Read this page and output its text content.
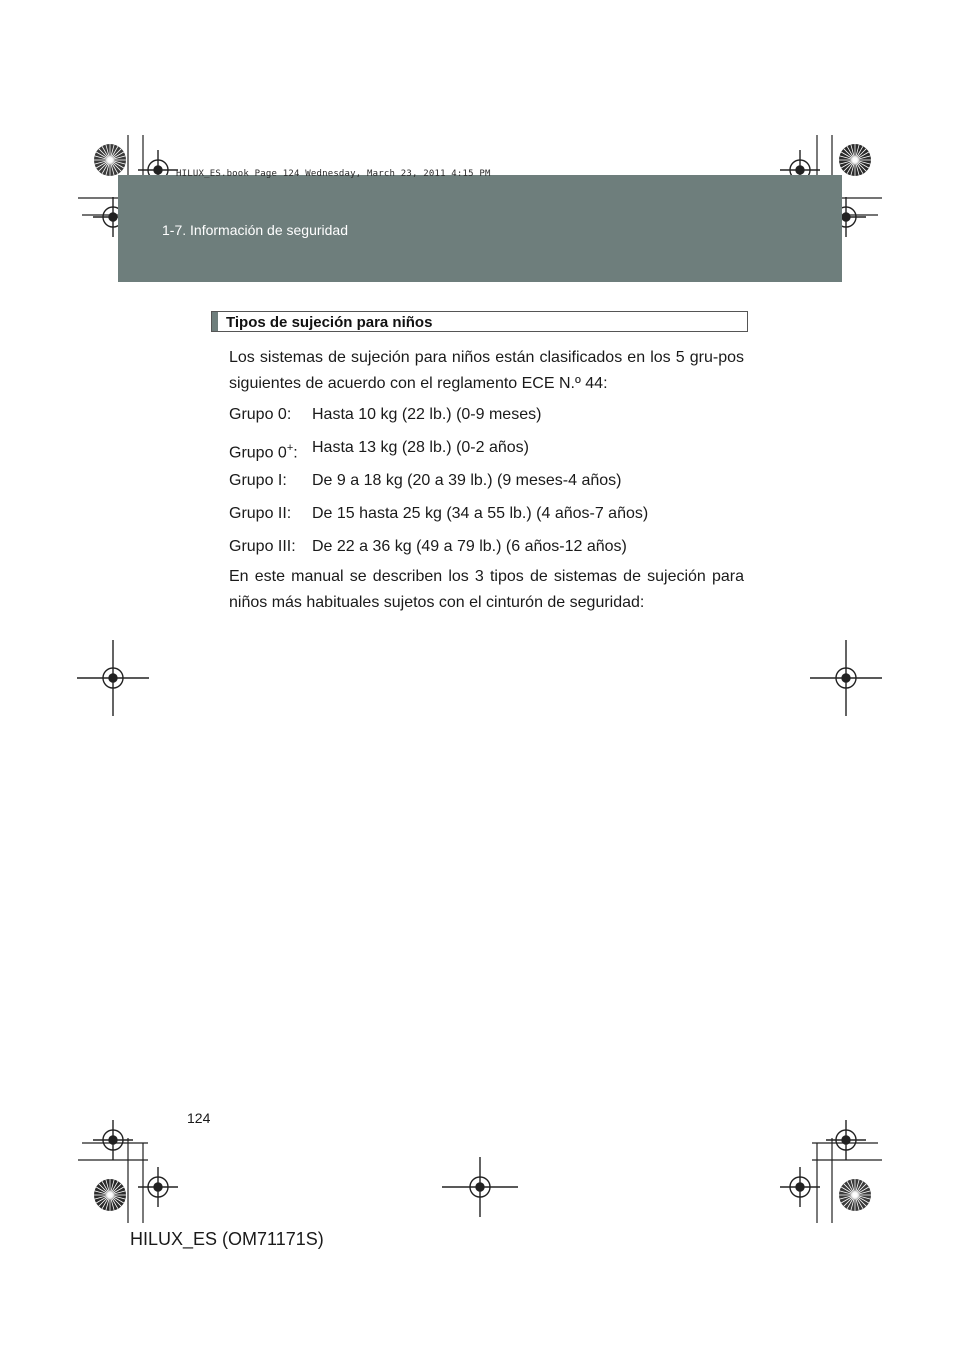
1-7. Información de seguridad
HILUX_ES.book Page 124 Wednesday, March 23, 2011 4:15 PM
Tipos de sujeción para niños
Los sistemas de sujeción para niños están clasificados en los 5 gru-pos siguientes de acuerdo con el reglamento ECE N.º 44:
Grupo 0: Hasta 10 kg (22 lb.) (0-9 meses)
Grupo 0+: Hasta 13 kg (28 lb.) (0-2 años)
Grupo I: De 9 a 18 kg (20 a 39 lb.) (9 meses-4 años)
Grupo II: De 15 hasta 25 kg (34 a 55 lb.) (4 años-7 años)
Grupo III: De 22 a 36 kg (49 a 79 lb.) (6 años-12 años)
En este manual se describen los 3 tipos de sistemas de sujeción para niños más habituales sujetos con el cinturón de seguridad:
124
HILUX_ES (OM71171S)
